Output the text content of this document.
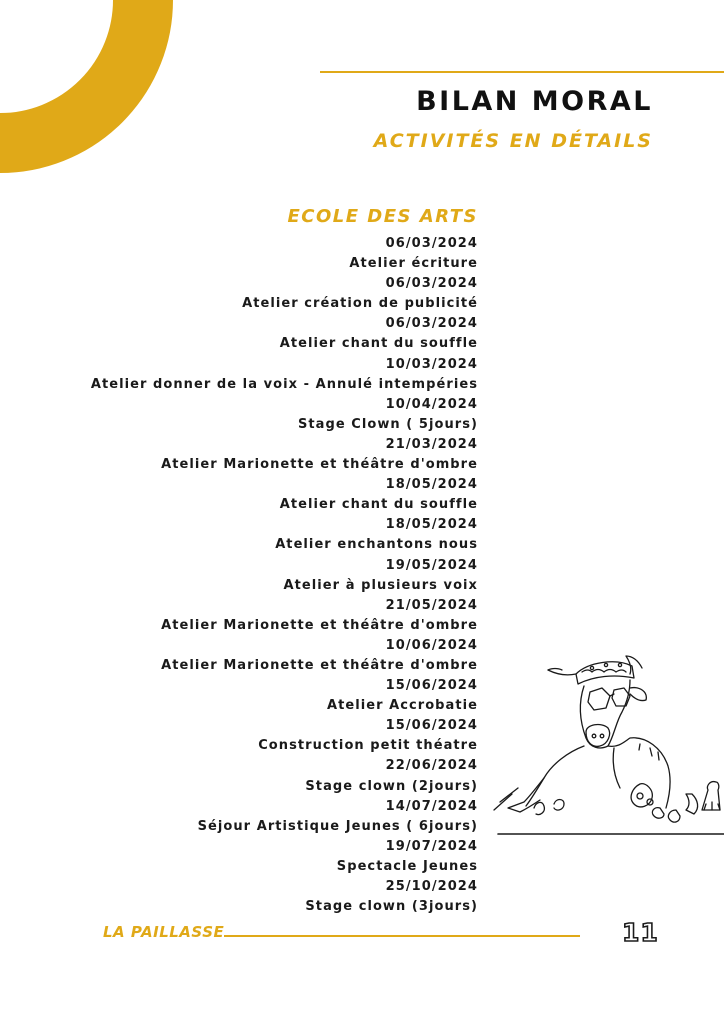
BILAN MORAL
ACTIVITÉS EN DÉTAILS
ECOLE DES ARTS
06/03/2024
Atelier écriture
06/03/2024
Atelier création de publicité
06/03/2024
Atelier chant du souffle
10/03/2024
Atelier donner de la voix - Annulé intempéries
10/04/2024
Stage Clown ( 5jours)
21/03/2024
Atelier Marionette et théâtre d'ombre
18/05/2024
Atelier chant du souffle
18/05/2024
Atelier enchantons nous
19/05/2024
Atelier à plusieurs voix
21/05/2024
Atelier Marionette et théâtre d'ombre
10/06/2024
Atelier Marionette et théâtre d'ombre
15/06/2024
Atelier Accrobatie
15/06/2024
Construction petit théatre
22/06/2024
Stage clown (2jours)
14/07/2024
Séjour Artistique Jeunes ( 6jours)
19/07/2024
Spectacle Jeunes
25/10/2024
Stage clown (3jours)
LA PAILLASSE	11
